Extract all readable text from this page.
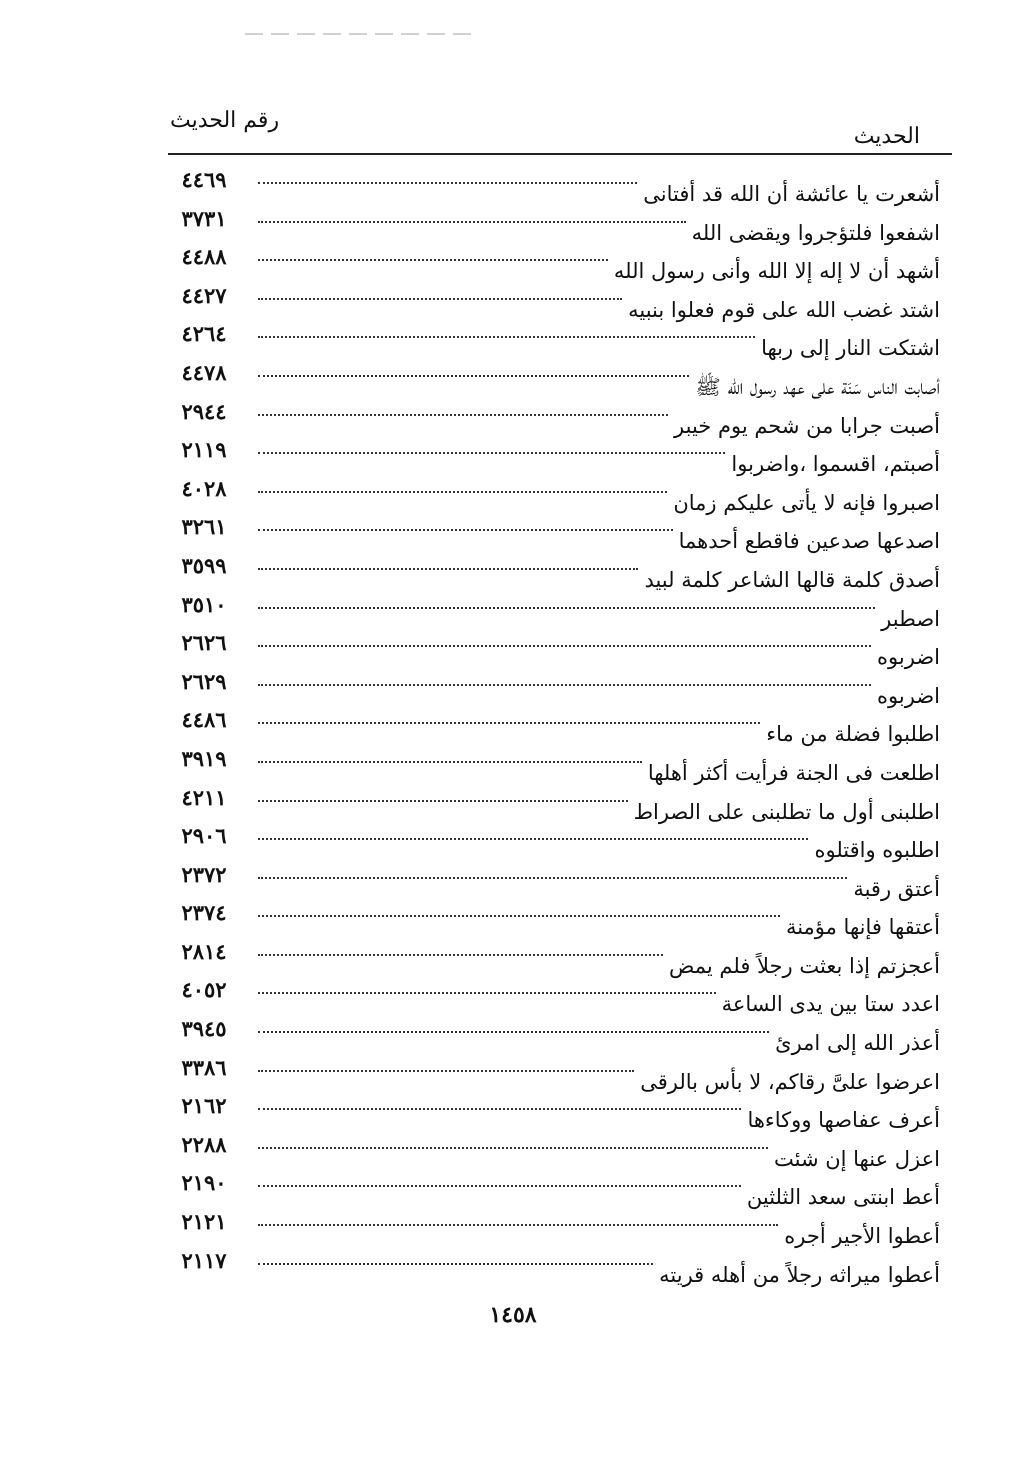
رقم الحديث
الحديث
٤٤٦٩
أشعرت يا عائشة أن الله قد أفتانى
٣٧٣١
اشفعوا فلتؤجروا ويقضى الله
٤٤٨٨
أشهد أن لا إله إلا الله وأنى رسول الله
٤٤٢٧
اشتد غضب الله على قوم فعلوا بنبيه
٤٢٦٤
اشتكت النار إلى ربها
٤٤٧٨
أصابت الناس سَنَة على عهد رسول الله ﷺ
٢٩٤٤
أصبت جرابا من شحم يوم خيبر
٢١١٩
أصبتم، اقسموا ،واضربوا
٤٠٢٨
اصبروا فإنه لا يأتى عليكم زمان
٣٢٦١
اصدعها صدعين فاقطع أحدهما
٣٥٩٩
أصدق كلمة قالها الشاعر كلمة لبيد
٣٥١٠
اصطبر
٢٦٢٦
اضربوه
٢٦٢٩
اضربوه
٤٤٨٦
اطلبوا فضلة من ماء
٣٩١٩
اطلعت فى الجنة فرأيت أكثر أهلها
٤٢١١
اطلبنى أول ما تطلبنى على الصراط
٢٩٠٦
اطلبوه واقتلوه
٢٣٧٢
أعتق رقبة
٢٣٧٤
أعتقها فإنها مؤمنة
٢٨١٤
أعجزتم إذا بعثت رجلاً فلم يمض
٤٠٥٢
اعدد ستا بين يدى الساعة
٣٩٤٥
أعذر الله إلى امرئ
٣٣٨٦
اعرضوا علىَّ رقاكم، لا بأس بالرقى
٢١٦٢
أعرف عفاصها ووكاءها
٢٢٨٨
اعزل عنها إن شئت
٢١٩٠
أعط ابنتى سعد الثلثين
٢١٢١
أعطوا الأجير أجره
٢١١٧
أعطوا ميراثه رجلاً من أهله قريته
١٤٥٨
